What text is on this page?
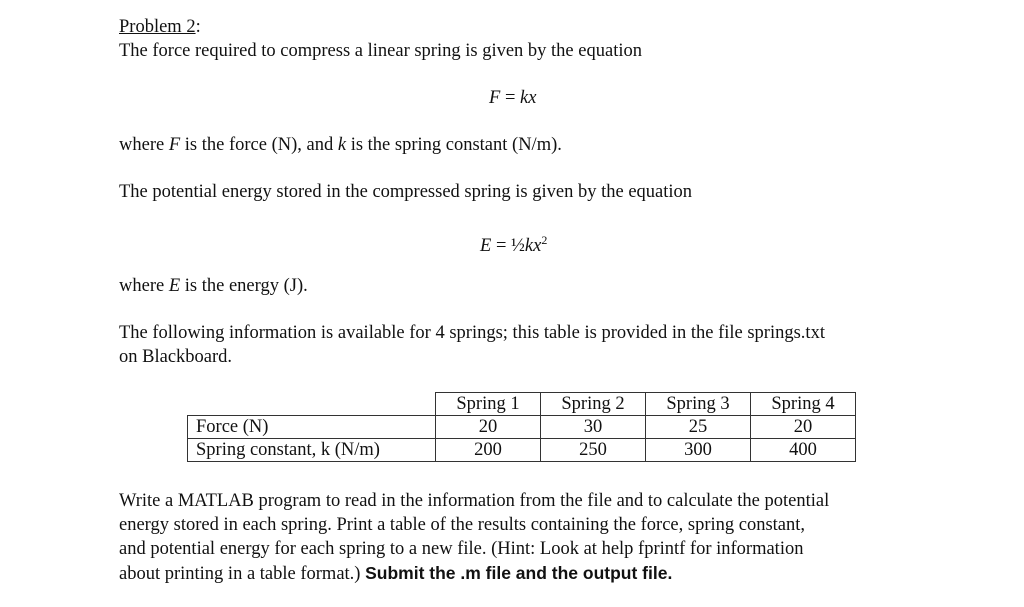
Problem 2:
The force required to compress a linear spring is given by the equation
F = kx
where F is the force (N), and k is the spring constant (N/m).
The potential energy stored in the compressed spring is given by the equation
$E = \frac{1}{2}kx^2$
where E is the energy (J).
The following information is available for 4 springs; this table is provided in the file springs.txt
on Blackboard.
	Spring 1	Spring 2	Spring 3	Spring 4
Force (N)	20	30	25	20
Spring constant, k (N/m)	200	250	300	400
Write a MATLAB program to read in the information from the file and to calculate the potential
energy stored in each spring. Print a table of the results containing the force, spring constant,
and potential energy for each spring to a new file. (Hint: Look at help fprintf for information
about printing in a table format.) Submit the .m file and the output file.
